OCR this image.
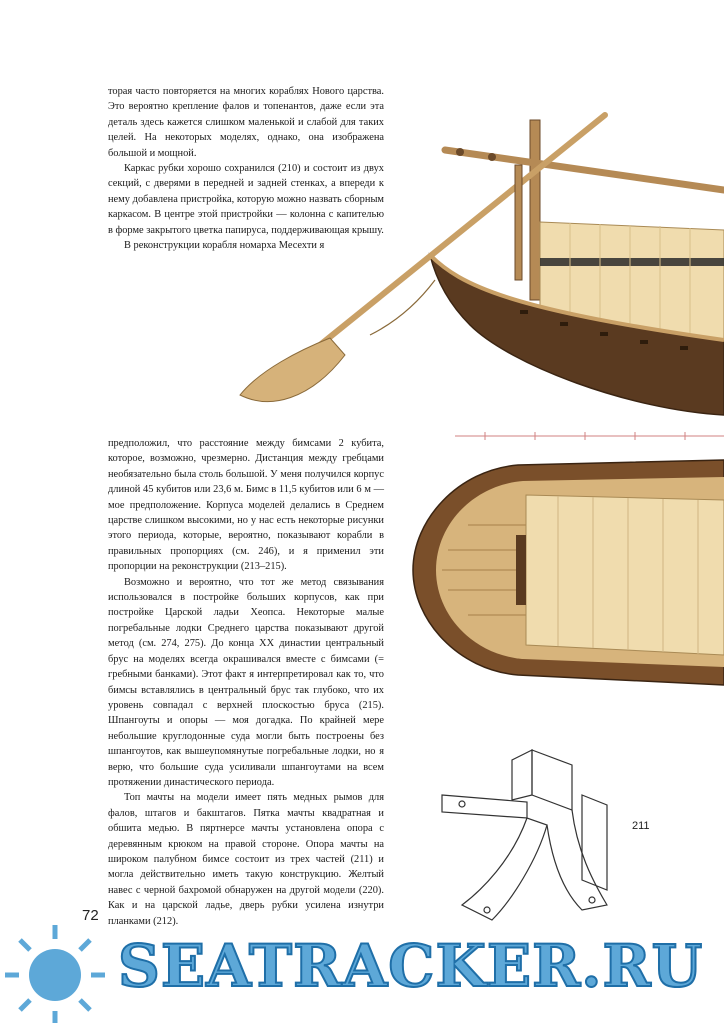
торая часто повторяется на многих кораблях Нового царства. Это вероятно крепление фалов и топенантов, даже если эта деталь здесь кажется слишком маленькой и слабой для таких целей. На некоторых моделях, однако, она изображена большой и мощной.

Каркас рубки хорошо сохранился (210) и состоит из двух секций, с дверями в передней и задней стенках, а впереди к нему добавлена пристройка, которую можно назвать сборным каркасом. В центре этой пристройки — колонна с капителью в форме закрытого цветка папируса, поддерживающая крышу.

В реконструкции корабля номарха Месехти я

предположил, что расстояние между бимсами 2 кубита, которое, возможно, чрезмерно. Дистанция между гребцами необязательно была столь большой. У меня получился корпус длиной 45 кубитов или 23,6 м. Бимс в 11,5 кубитов или 6 м — мое предположение. Корпуса моделей делались в Среднем царстве слишком высокими, но у нас есть некоторые рисунки этого периода, которые, вероятно, показывают корабли в правильных пропорциях (см. 246), и я применил эти пропорции на реконструкции (213–215).

Возможно и вероятно, что тот же метод связывания использовался в постройке больших корпусов, как при постройке Царской ладьи Хеопса. Некоторые малые погребальные лодки Среднего царства показывают другой метод (см. 274, 275). До конца XX династии центральный брус на моделях всегда окрашивался вместе с бимсами (= гребными банками). Этот факт я интерпретировал как то, что бимсы вставлялись в центральный брус так глубоко, что их уровень совпадал с верхней плоскостью бруса (215). Шпангоуты и опоры — моя догадка. По крайней мере небольшие круглодонные суда могли быть построены без шпангоутов, как вышеупомянутые погребальные лодки, но я верю, что большие суда усиливали шпангоутами на всем протяжении династического периода.

Топ мачты на модели имеет пять медных рымов для фалов, штагов и бакштагов. Пятка мачты квадратная и обшита медью. В пяртнерсе мачты установлена опора с деревянным крюком на правой стороне. Опора мачты на широком палубном бимсе состоит из трех частей (211) и могла действительно иметь такую конструкцию. Желтый навес с черной бахромой обнаружен на другой модели (220). Как и на царской ладье, дверь рубки усилена изнутри планками (212).

211
72
SEATRACKER.RU
